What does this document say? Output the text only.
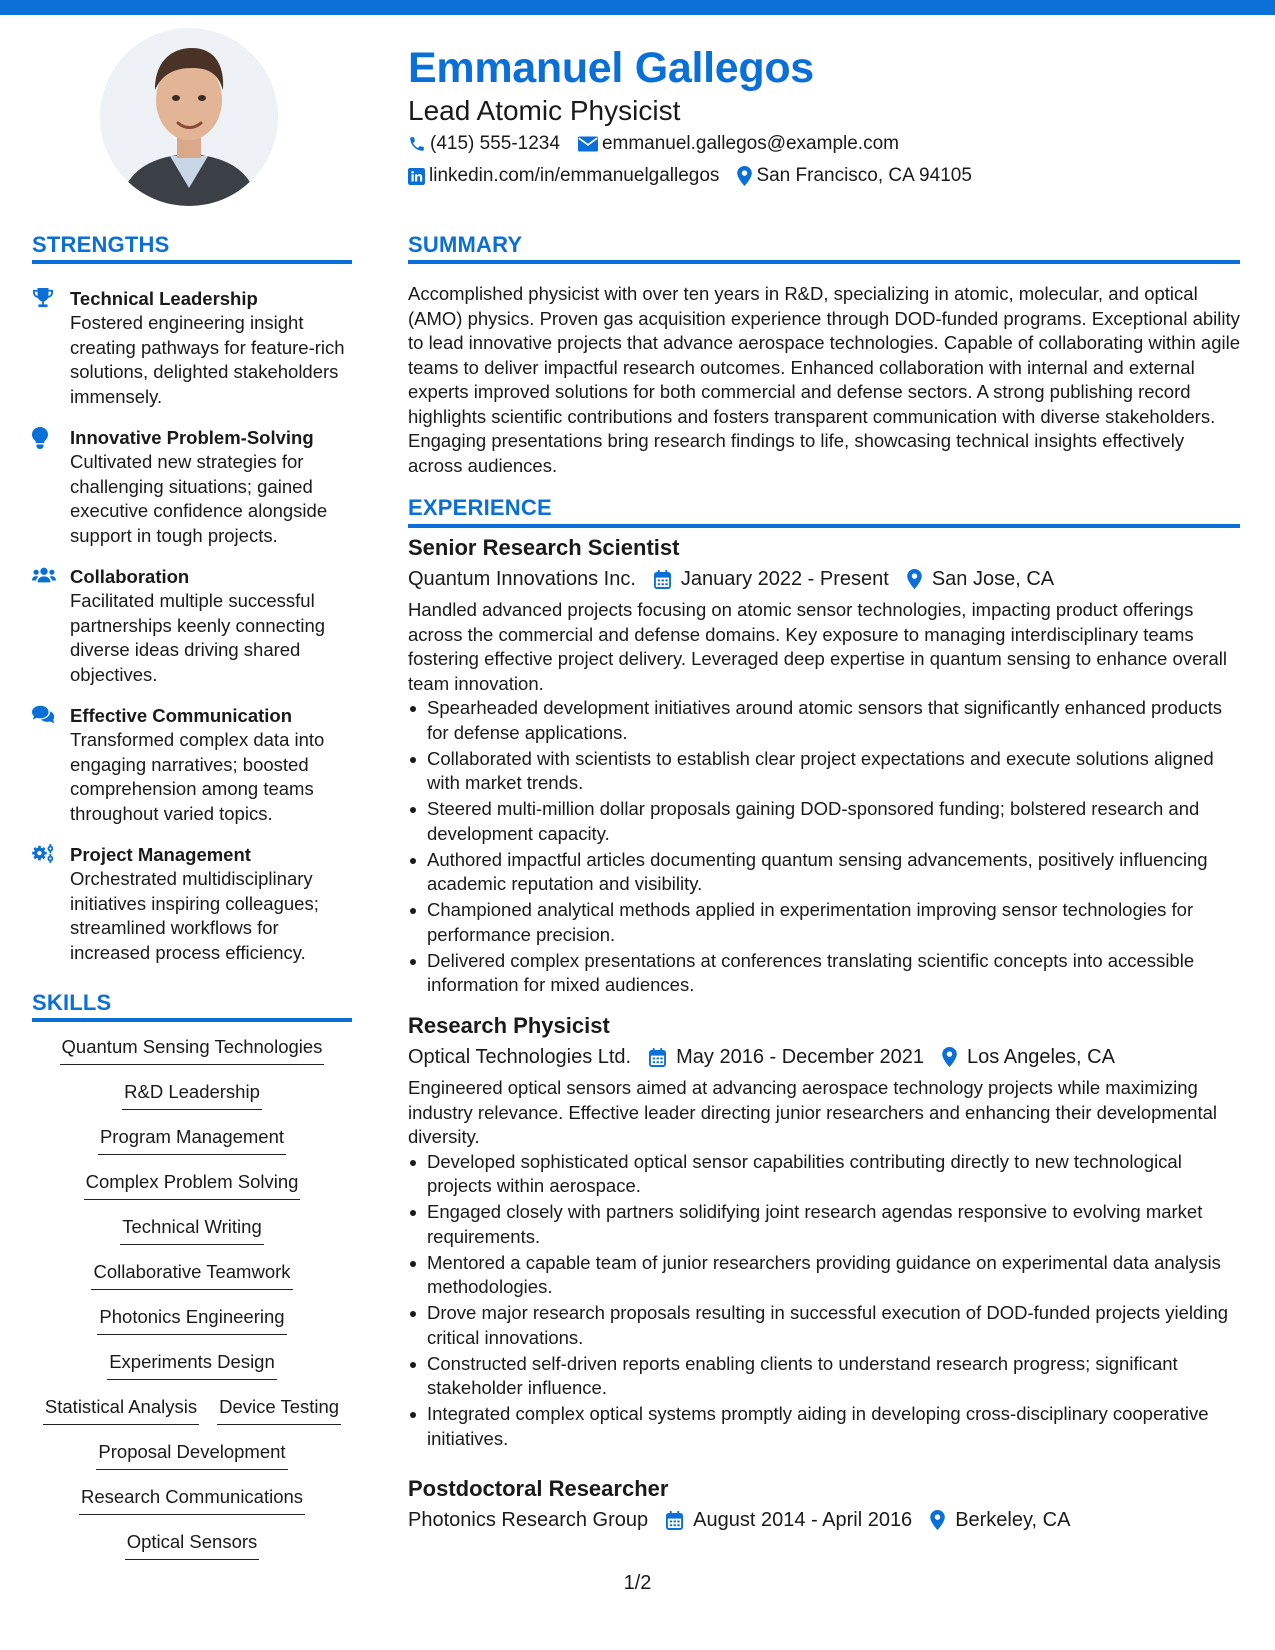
Emmanuel Gallegos
Lead Atomic Physicist
(415) 555-1234 emmanuel.gallegos@example.com
linkedin.com/in/emmanuelgallegos San Francisco, CA 94105
STRENGTHS
Technical Leadership
Fostered engineering insight creating pathways for feature-rich solutions, delighted stakeholders immensely.
Innovative Problem-Solving
Cultivated new strategies for challenging situations; gained executive confidence alongside support in tough projects.
Collaboration
Facilitated multiple successful partnerships keenly connecting diverse ideas driving shared objectives.
Effective Communication
Transformed complex data into engaging narratives; boosted comprehension among teams throughout varied topics.
Project Management
Orchestrated multidisciplinary initiatives inspiring colleagues; streamlined workflows for increased process efficiency.
SKILLS
Quantum Sensing Technologies
R&D Leadership
Program Management
Complex Problem Solving
Technical Writing
Collaborative Teamwork
Photonics Engineering
Experiments Design
Statistical Analysis Device Testing
Proposal Development
Research Communications
Optical Sensors
SUMMARY
Accomplished physicist with over ten years in R&D, specializing in atomic, molecular, and optical (AMO) physics. Proven gas acquisition experience through DOD-funded programs. Exceptional ability to lead innovative projects that advance aerospace technologies. Capable of collaborating within agile teams to deliver impactful research outcomes. Enhanced collaboration with internal and external experts improved solutions for both commercial and defense sectors. A strong publishing record highlights scientific contributions and fosters transparent communication with diverse stakeholders. Engaging presentations bring research findings to life, showcasing technical insights effectively across audiences.
EXPERIENCE
Senior Research Scientist
Quantum Innovations Inc. January 2022 - Present San Jose, CA
Handled advanced projects focusing on atomic sensor technologies, impacting product offerings across the commercial and defense domains. Key exposure to managing interdisciplinary teams fostering effective project delivery. Leveraged deep expertise in quantum sensing to enhance overall team innovation.
Spearheaded development initiatives around atomic sensors that significantly enhanced products for defense applications.
Collaborated with scientists to establish clear project expectations and execute solutions aligned with market trends.
Steered multi-million dollar proposals gaining DOD-sponsored funding; bolstered research and development capacity.
Authored impactful articles documenting quantum sensing advancements, positively influencing academic reputation and visibility.
Championed analytical methods applied in experimentation improving sensor technologies for performance precision.
Delivered complex presentations at conferences translating scientific concepts into accessible information for mixed audiences.
Research Physicist
Optical Technologies Ltd. May 2016 - December 2021 Los Angeles, CA
Engineered optical sensors aimed at advancing aerospace technology projects while maximizing industry relevance. Effective leader directing junior researchers and enhancing their developmental diversity.
Developed sophisticated optical sensor capabilities contributing directly to new technological projects within aerospace.
Engaged closely with partners solidifying joint research agendas responsive to evolving market requirements.
Mentored a capable team of junior researchers providing guidance on experimental data analysis methodologies.
Drove major research proposals resulting in successful execution of DOD-funded projects yielding critical innovations.
Constructed self-driven reports enabling clients to understand research progress; significant stakeholder influence.
Integrated complex optical systems promptly aiding in developing cross-disciplinary cooperative initiatives.
Postdoctoral Researcher
Photonics Research Group August 2014 - April 2016 Berkeley, CA
1/2
